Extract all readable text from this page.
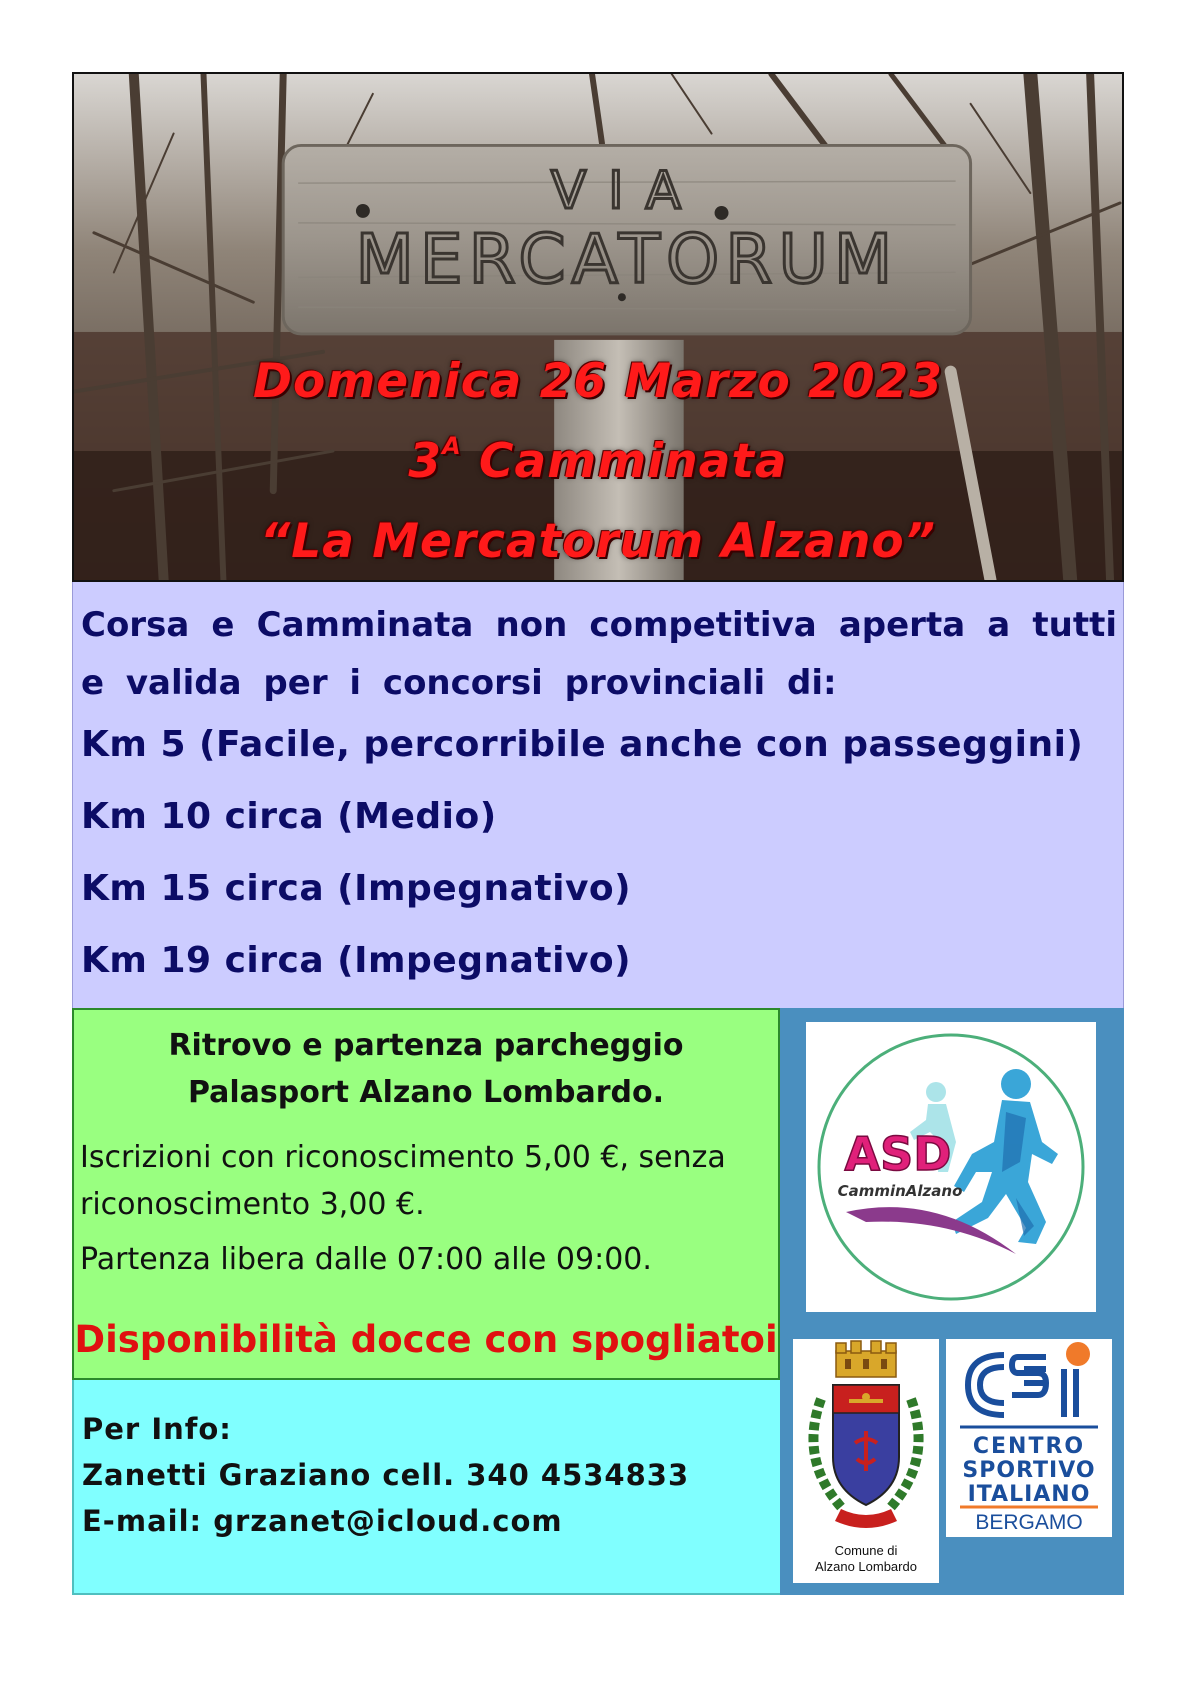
VIA
MERCATORUM
Domenica 26 Marzo 2023
$3^A$ Camminata
“La Mercatorum Alzano”
Corsa e Camminata non competitiva aperta a tutti e valida per i concorsi provinciali di:
Km 5 (Facile, percorribile anche con passeggini)
Km 10 circa (Medio)
Km 15 circa (Impegnativo)
Km 19 circa (Impegnativo)
Ritrovo e partenza parcheggio
Palasport Alzano Lombardo.
Iscrizioni con riconoscimento 5,00 €, senza
riconoscimento 3,00 €.
Partenza libera dalle 07:00 alle 09:00.
Disponibilità docce con spogliatoi
Per Info:
Zanetti Graziano cell. 340 4534833
E-mail: grzanet@icloud.com
ASD
CamminAlzano
Comune di
Alzano Lombardo
CENTRO
SPORTIVO
ITALIANO
BERGAMO
